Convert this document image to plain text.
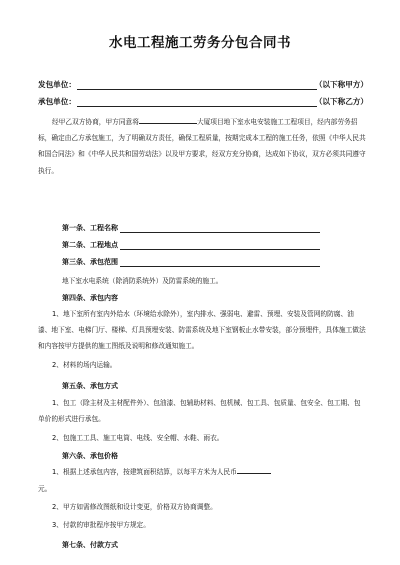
水电工程施工劳务分包合同书
发包单位：	（以下称甲方）
承包单位：	（以下称乙方）

经甲乙双方协商，甲方同意将	大厦项目地下室水电安装施工工程项目，经内部劳务招标，确定由乙方承包施工，为了明确双方责任，确保工程质量，按期完成本工程的施工任务，依照《中华人民共和国合同法》和《中华人民共和国劳动法》以及甲方要求，经双方充分协商，达成如下协议，双方必须共同遵守执行。

第一条、工程名称
第二条、工程地点
第三条、承包范围
地下室水电系统（除消防系统外）及防雷系统的施工。
第四条、承包内容

1、地下室所有室内外给水（环境给水除外），室内排水、强弱电、避雷、预埋、安装及管网的防腐、油漆、地下室、电梯门厅、楼梯、灯具预埋安装、防雷系统及地下室钢板止水带安装，部分预埋件，具体施工做法和内容按甲方提供的施工图纸及说明和修改通知施工。

2、材料的场内运输。

第五条、承包方式

1、包工（除主材及主材配件外）、包油漆、包辅助材料、包机械、包工具、包质量、包安全、包工期、包单价的形式进行承包。

2、包施工工具、施工电筒、电线、安全帽、水鞋、雨衣。

第六条、承包价格

1、根据上述承包内容，按建筑面积结算，以每平方米为人民币

元。

2、甲方如需修改图纸和设计变更，价格双方协商调整。

3、付款的审批程序按甲方规定。

第七条、付款方式
